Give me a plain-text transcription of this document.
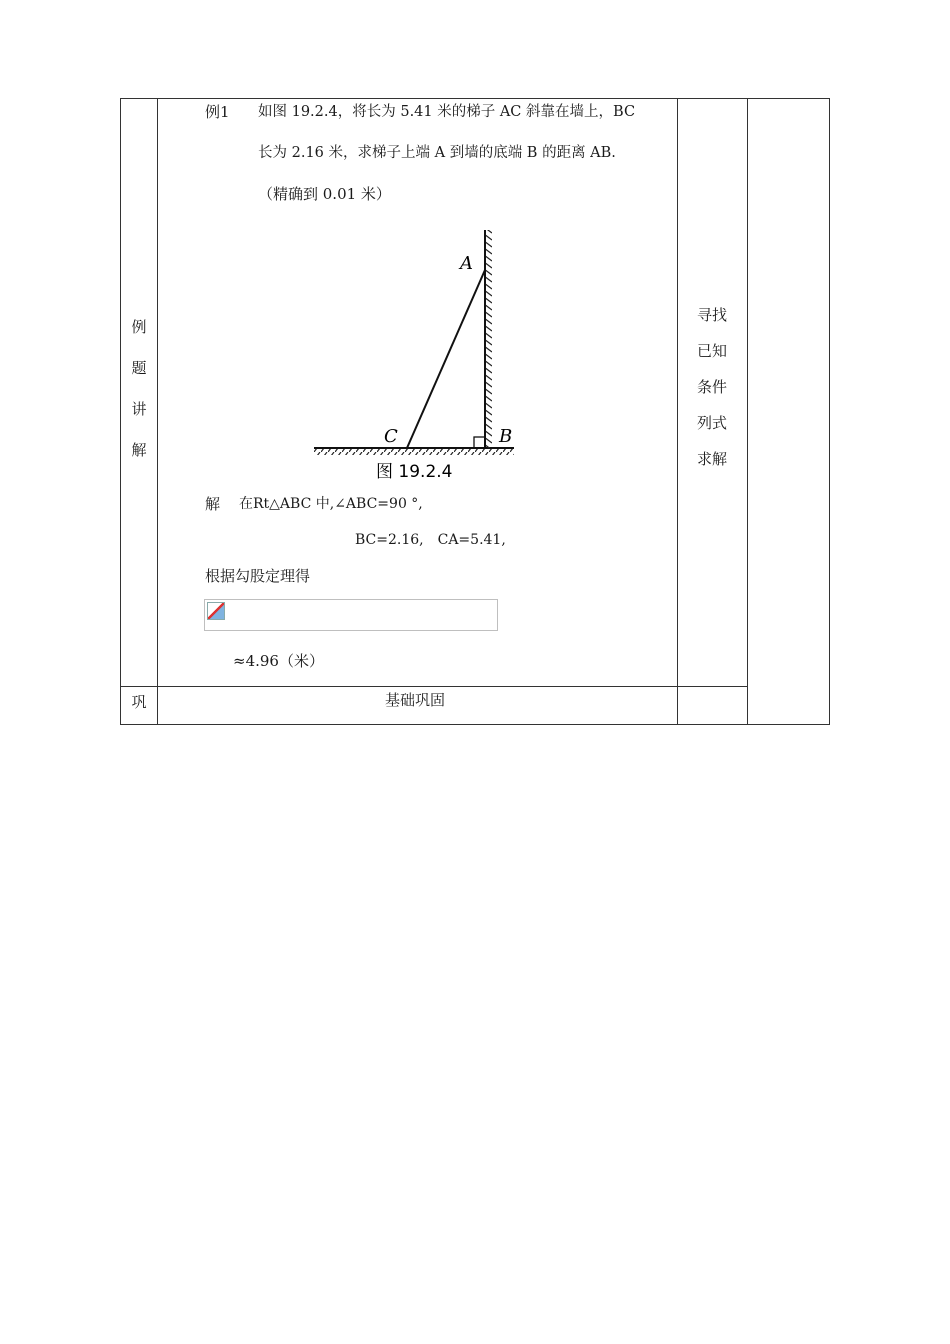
例
题
讲
解
巩
寻找
已知
条件
列式
求解
例1 如图 19.2.4，将长为 5.41 米的梯子 AC 斜靠在墙上，BC
长为 2.16 米，求梯子上端 A 到墙的底端 B 的距离 AB.
（精确到 0.01 米）
A
C	B
图 19.2.4
解 在Rt△ABC 中,∠ABC=90 °,
BC=2.16,　CA=5.41,
根据勾股定理得
≈4.96（米）
基础巩固
